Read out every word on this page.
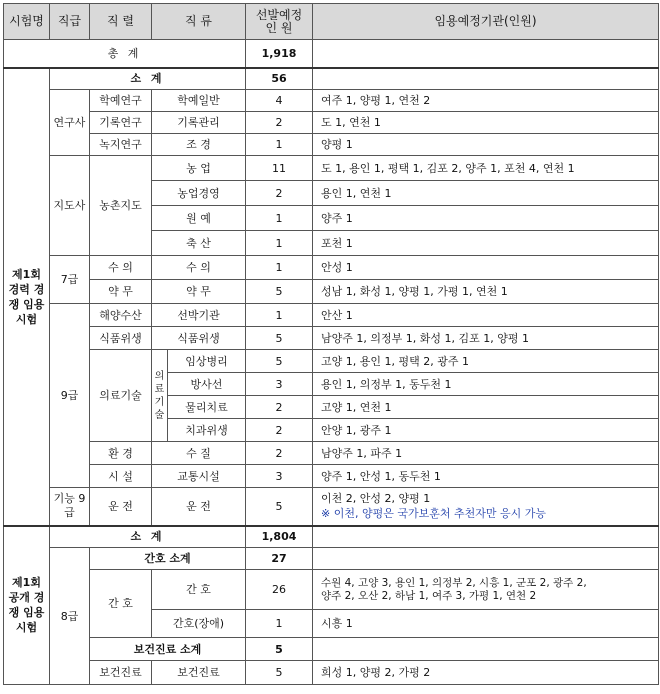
시험명	직급	직 렬	직 류		선발예정 인 원	임용예정기관(인원)
총 계					1,918	
제1회 경력 경쟁 임용 시험	소 계				56	
	연구사	학예연구	학예일반		4	여주 1, 양평 1, 연천 2
		기록연구	기록관리		2	도 1, 연천 1
		녹지연구	조 경		1	양평 1
	지도사	농촌지도	농 업		11	도 1, 용인 1, 평택 1, 김포 2, 양주 1, 포천 4, 연천 1
			농업경영		2	용인 1, 연천 1
			원 예		1	양주 1
			축 산		1	포천 1
	7급	수 의	수 의		1	안성 1
		약 무	약 무		5	성남 1, 화성 1, 양평 1, 가평 1, 연천 1
	9급	해양수산	선박기관		1	안산 1
		식품위생	식품위생		5	남양주 1, 의정부 1, 화성 1, 김포 1, 양평 1
		의료기술	의료기술	임상병리	5	고양 1, 용인 1, 평택 2, 광주 1
				방사선	3	용인 1, 의정부 1, 동두천 1
				물리치료	2	고양 1, 연천 1
				치과위생	2	안양 1, 광주 1
		환 경	수 질		2	남양주 1, 파주 1
		시 설	교통시설		3	양주 1, 안성 1, 동두천 1
	기능 9급	운 전	운 전		5	이천 2, 안성 2, 양평 1
※ 이천, 양평은 국가보훈처 추천자만 응시 가능

제1회 공개 경쟁 임용 시험	소 계				1,804	
	8급	간호 소계			27	
		간 호	간 호		26	수원 4, 고양 3, 용인 1, 의정부 2, 시흥 1, 군포 2, 광주 2,
양주 2, 오산 2, 하남 1, 여주 3, 가평 1, 연천 2

			간호(장애)		1	시흥 1
		보건진료 소계			5	
		보건진료	보건진료		5	희성 1, 양평 2, 가평 2
